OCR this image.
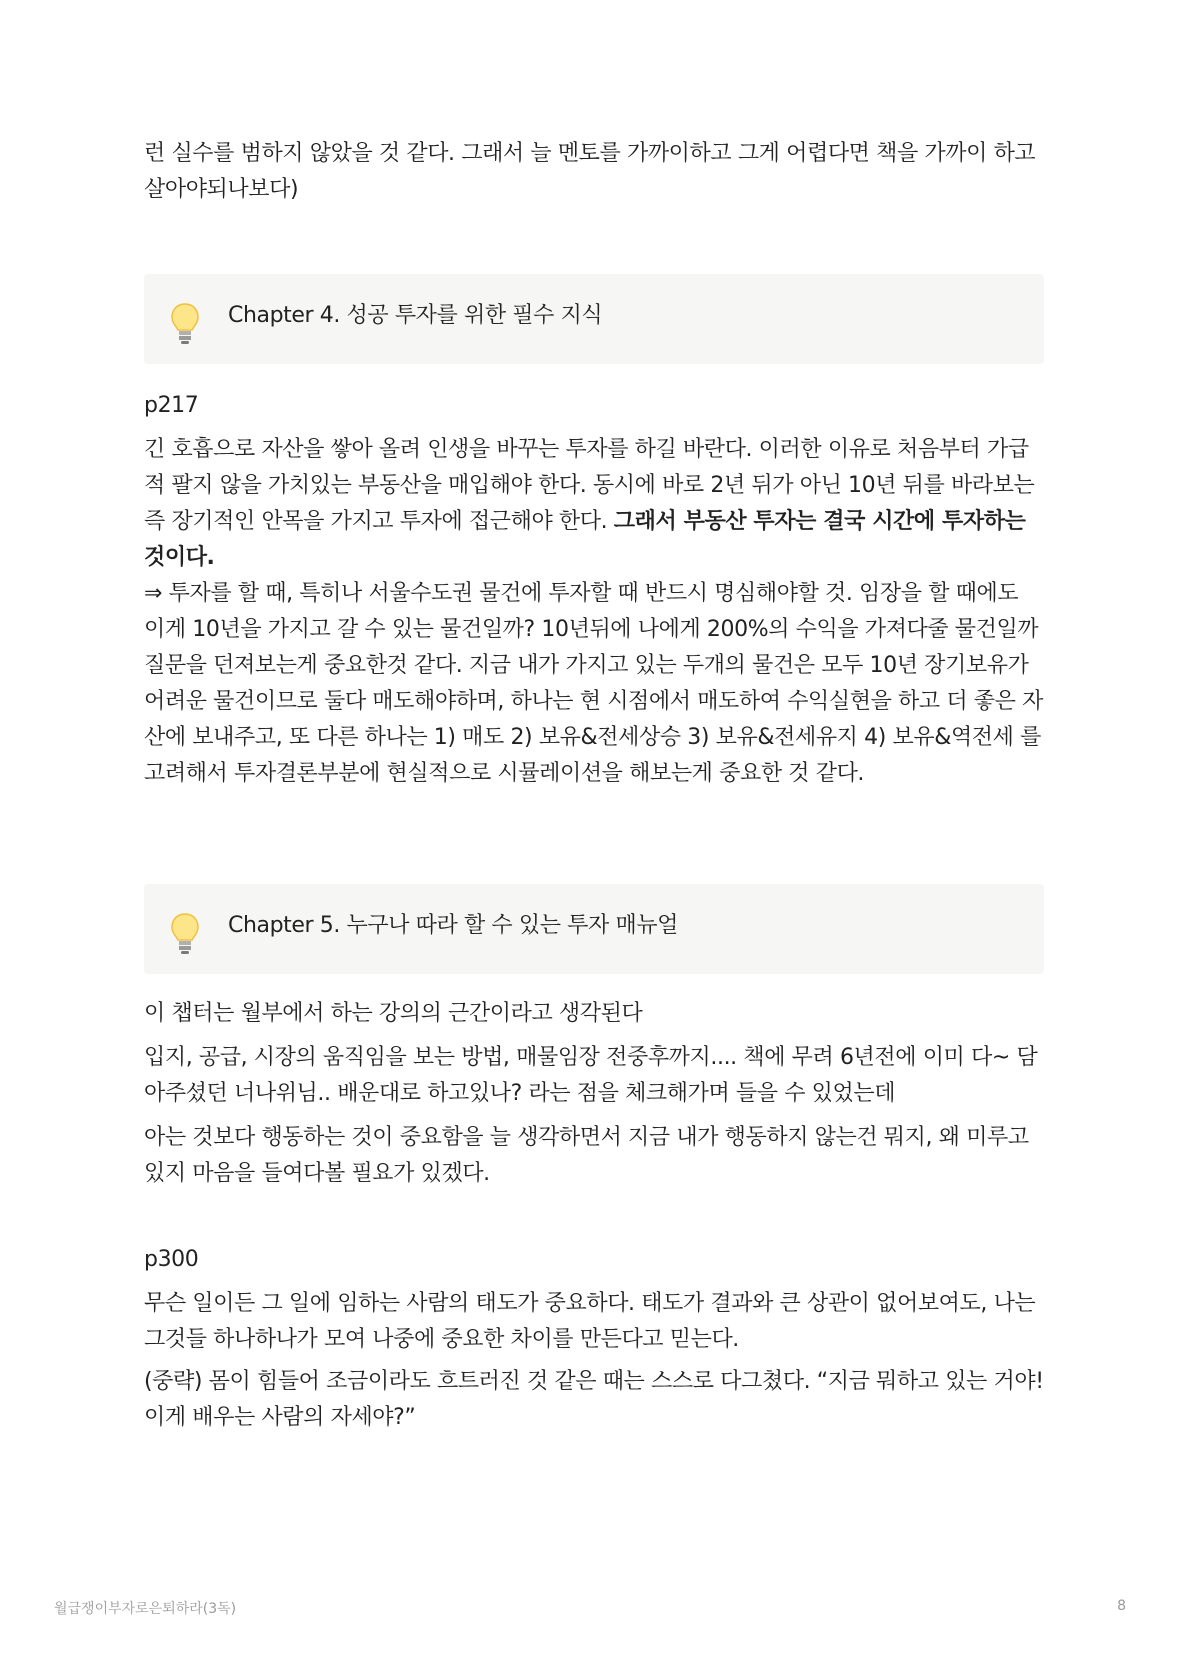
런 실수를 범하지 않았을 것 같다. 그래서 늘 멘토를 가까이하고 그게 어렵다면 책을 가까이 하고 살아야되나보다)

Chapter 4. 성공 투자를 위한 필수 지식

p217

긴 호흡으로 자산을 쌓아 올려 인생을 바꾸는 투자를 하길 바란다. 이러한 이유로 처음부터 가급적 팔지 않을 가치있는 부동산을 매입해야 한다. 동시에 바로 2년 뒤가 아닌 10년 뒤를 바라보는 즉 장기적인 안목을 가지고 투자에 접근해야 한다. 그래서 부동산 투자는 결국 시간에 투자하는 것이다.

⇒ 투자를 할 때, 특히나 서울수도권 물건에 투자할 때 반드시 명심해야할 것. 임장을 할 때에도 이게 10년을 가지고 갈 수 있는 물건일까? 10년뒤에 나에게 200%의 수익을 가져다줄 물건일까 질문을 던져보는게 중요한것 같다. 지금 내가 가지고 있는 두개의 물건은 모두 10년 장기보유가 어려운 물건이므로 둘다 매도해야하며, 하나는 현 시점에서 매도하여 수익실현을 하고 더 좋은 자산에 보내주고, 또 다른 하나는 1) 매도 2) 보유&전세상승 3) 보유&전세유지 4) 보유&역전세 를 고려해서 투자결론부분에 현실적으로 시뮬레이션을 해보는게 중요한 것 같다.

Chapter 5. 누구나 따라 할 수 있는 투자 매뉴얼

이 챕터는 월부에서 하는 강의의 근간이라고 생각된다

입지, 공급, 시장의 움직임을 보는 방법, 매물임장 전중후까지.... 책에 무려 6년전에 이미 다~ 담아주셨던 너나위님.. 배운대로 하고있나? 라는 점을 체크해가며 들을 수 있었는데

아는 것보다 행동하는 것이 중요함을 늘 생각하면서 지금 내가 행동하지 않는건 뭐지, 왜 미루고 있지 마음을 들여다볼 필요가 있겠다.

p300

무슨 일이든 그 일에 임하는 사람의 태도가 중요하다. 태도가 결과와 큰 상관이 없어보여도, 나는 그것들 하나하나가 모여 나중에 중요한 차이를 만든다고 믿는다.

(중략) 몸이 힘들어 조금이라도 흐트러진 것 같은 때는 스스로 다그쳤다. “지금 뭐하고 있는 거야! 이게 배우는 사람의 자세야?”

월급쟁이부자로은퇴하라(3독)	8
